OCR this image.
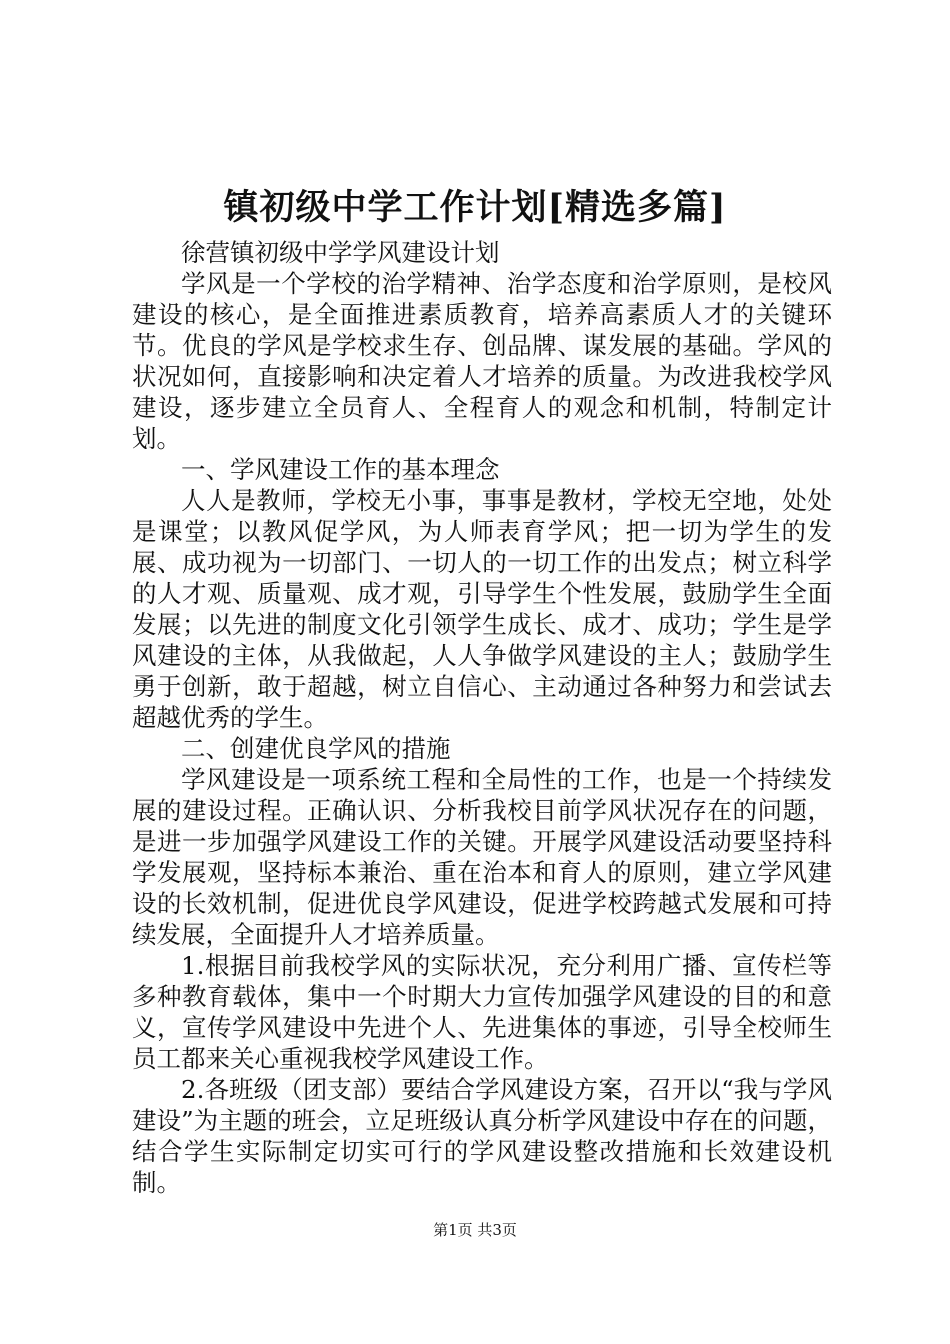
镇初级中学工作计划[精选多篇]

徐营镇初级中学学风建设计划

学风是一个学校的治学精神、治学态度和治学原则，是校风建设的核心，是全面推进素质教育，培养高素质人才的关键环节。优良的学风是学校求生存、创品牌、谋发展的基础。学风的状况如何，直接影响和决定着人才培养的质量。为改进我校学风建设，逐步建立全员育人、全程育人的观念和机制，特制定计划。

一、学风建设工作的基本理念

人人是教师，学校无小事，事事是教材，学校无空地，处处是课堂；以教风促学风，为人师表育学风；把一切为学生的发展、成功视为一切部门、一切人的一切工作的出发点；树立科学的人才观、质量观、成才观，引导学生个性发展，鼓励学生全面发展；以先进的制度文化引领学生成长、成才、成功；学生是学风建设的主体，从我做起，人人争做学风建设的主人；鼓励学生勇于创新，敢于超越，树立自信心、主动通过各种努力和尝试去超越优秀的学生。

二、创建优良学风的措施

学风建设是一项系统工程和全局性的工作，也是一个持续发展的建设过程。正确认识、分析我校目前学风状况存在的问题，是进一步加强学风建设工作的关键。开展学风建设活动要坚持科学发展观，坚持标本兼治、重在治本和育人的原则，建立学风建设的长效机制，促进优良学风建设，促进学校跨越式发展和可持续发展，全面提升人才培养质量。

1.根据目前我校学风的实际状况，充分利用广播、宣传栏等多种教育载体，集中一个时期大力宣传加强学风建设的目的和意义，宣传学风建设中先进个人、先进集体的事迹，引导全校师生员工都来关心重视我校学风建设工作。

2.各班级（团支部）要结合学风建设方案，召开以“我与学风建设”为主题的班会，立足班级认真分析学风建设中存在的问题，结合学生实际制定切实可行的学风建设整改措施和长效建设机制。

第1页 共3页
